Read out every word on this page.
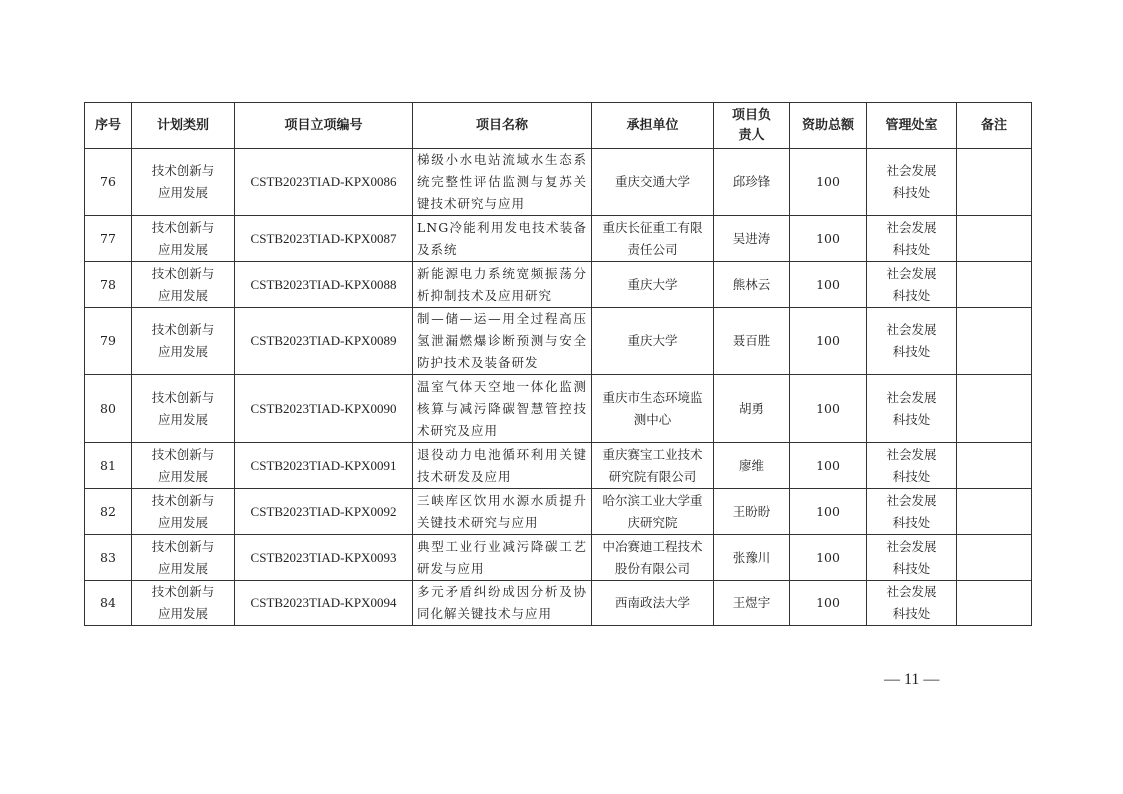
序号	计划类别	项目立项编号	项目名称	承担单位	项目负责人	资助总额	管理处室	备注
76	技术创新与应用发展	CSTB2023TIAD-KPX0086	梯级小水电站流域水生态系统完整性评估监测与复苏关键技术研究与应用	重庆交通大学	邱珍锋	100	社会发展科技处	
77	技术创新与应用发展	CSTB2023TIAD-KPX0087	LNG冷能利用发电技术装备及系统	重庆长征重工有限责任公司	吴进涛	100	社会发展科技处	
78	技术创新与应用发展	CSTB2023TIAD-KPX0088	新能源电力系统宽频振荡分析抑制技术及应用研究	重庆大学	熊林云	100	社会发展科技处	
79	技术创新与应用发展	CSTB2023TIAD-KPX0089	制—储—运—用全过程高压氢泄漏燃爆诊断预测与安全防护技术及装备研发	重庆大学	聂百胜	100	社会发展科技处	
80	技术创新与应用发展	CSTB2023TIAD-KPX0090	温室气体天空地一体化监测核算与减污降碳智慧管控技术研究及应用	重庆市生态环境监测中心	胡勇	100	社会发展科技处	
81	技术创新与应用发展	CSTB2023TIAD-KPX0091	退役动力电池循环利用关键技术研发及应用	重庆赛宝工业技术研究院有限公司	廖维	100	社会发展科技处	
82	技术创新与应用发展	CSTB2023TIAD-KPX0092	三峡库区饮用水源水质提升关键技术研究与应用	哈尔滨工业大学重庆研究院	王盼盼	100	社会发展科技处	
83	技术创新与应用发展	CSTB2023TIAD-KPX0093	典型工业行业减污降碳工艺研发与应用	中冶赛迪工程技术股份有限公司	张豫川	100	社会发展科技处	
84	技术创新与应用发展	CSTB2023TIAD-KPX0094	多元矛盾纠纷成因分析及协同化解关键技术与应用	西南政法大学	王煜宇	100	社会发展科技处	
— 11 —
